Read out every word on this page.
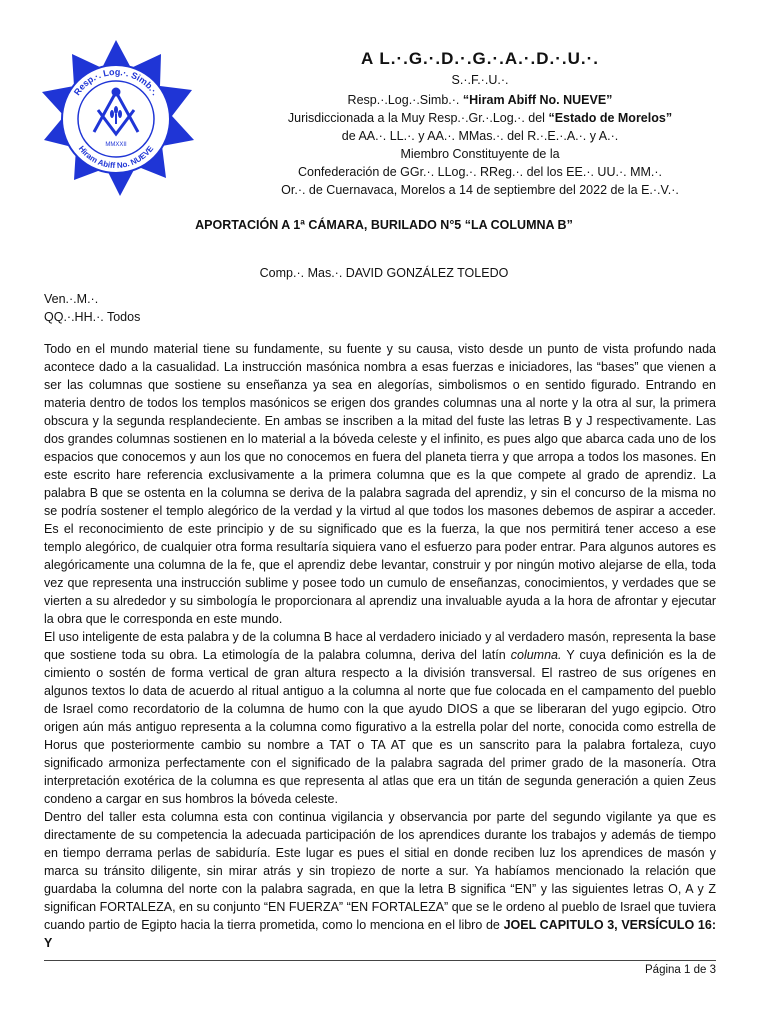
Resp.·. Log.·. Simb.·.
Hiram Abiff No. NUEVE
MMXXII
A L.·.G.·.D.·.G.·.A.·.D.·.U.·.
S.·.F.·.U.·.
Resp.·.Log.·.Simb.·. “Hiram Abiff No. NUEVE”
Jurisdiccionada a la Muy Resp.·.Gr.·.Log.·. del “Estado de Morelos”
de AA.·. LL.·. y AA.·. MMas.·. del R.·.E.·.A.·. y A.·.
Miembro Constituyente de la
Confederación de GGr.·. LLog.·. RReg.·. del los EE.·. UU.·. MM.·.
Or.·. de Cuernavaca, Morelos a 14 de septiembre del 2022 de la E.·.V.·.
APORTACIÓN A 1ª CÁMARA, BURILADO N°5 “LA COLUMNA B”
Comp.·. Mas.·. DAVID GONZÁLEZ TOLEDO
Ven.·.M.·.
QQ.·.HH.·. Todos

Todo en el mundo material tiene su fundamente, su fuente y su causa, visto desde un punto de vista profundo nada acontece dado a la casualidad. La instrucción masónica nombra a esas fuerzas e iniciadores, las “bases” que vienen a ser las columnas que sostiene su enseñanza ya sea en alegorías, simbolismos o en sentido figurado. Entrando en materia dentro de todos los templos masónicos se erigen dos grandes columnas una al norte y la otra al sur, la primera obscura y la segunda resplandeciente. En ambas se inscriben a la mitad del fuste las letras B y J respectivamente. Las dos grandes columnas sostienen en lo material a la bóveda celeste y el infinito, es pues algo que abarca cada uno de los espacios que conocemos y aun los que no conocemos en fuera del planeta tierra y que arropa a todos los masones. En este escrito hare referencia exclusivamente a la primera columna que es la que compete al grado de aprendiz. La palabra B que se ostenta en la columna se deriva de la palabra sagrada del aprendiz, y sin el concurso de la misma no se podría sostener el templo alegórico de la verdad y la virtud al que todos los masones debemos de aspirar a acceder. Es el reconocimiento de este principio y de su significado que es la fuerza, la que nos permitirá tener acceso a ese templo alegórico, de cualquier otra forma resultaría siquiera vano el esfuerzo para poder entrar. Para algunos autores es alegóricamente una columna de la fe, que el aprendiz debe levantar, construir y por ningún motivo alejarse de ella, toda vez que representa una instrucción sublime y posee todo un cumulo de enseñanzas, conocimientos, y verdades que se vierten a su alrededor y su simbología le proporcionara al aprendiz una invaluable ayuda a la hora de afrontar y ejecutar la obra que le corresponda en este mundo.

El uso inteligente de esta palabra y de la columna B hace al verdadero iniciado y al verdadero masón, representa la base que sostiene toda su obra. La etimología de la palabra columna, deriva del latín columna. Y cuya definición es la de cimiento o sostén de forma vertical de gran altura respecto a la división transversal. El rastreo de sus orígenes en algunos textos lo data de acuerdo al ritual antiguo a la columna al norte que fue colocada en el campamento del pueblo de Israel como recordatorio de la columna de humo con la que ayudo DIOS a que se liberaran del yugo egipcio. Otro origen aún más antiguo representa a la columna como figurativo a la estrella polar del norte, conocida como estrella de Horus que posteriormente cambio su nombre a TAT o TA AT que es un sanscrito para la palabra fortaleza, cuyo significado armoniza perfectamente con el significado de la palabra sagrada del primer grado de la masonería. Otra interpretación exotérica de la columna es que representa al atlas que era un titán de segunda generación a quien Zeus condeno a cargar en sus hombros la bóveda celeste.

Dentro del taller esta columna esta con continua vigilancia y observancia por parte del segundo vigilante ya que es directamente de su competencia la adecuada participación de los aprendices durante los trabajos y además de tiempo en tiempo derrama perlas de sabiduría. Este lugar es pues el sitial en donde reciben luz los aprendices de masón y marca su tránsito diligente, sin mirar atrás y sin tropiezo de norte a sur. Ya habíamos mencionado la relación que guardaba la columna del norte con la palabra sagrada, en que la letra B significa “EN” y las siguientes letras O, A y Z significan FORTALEZA, en su conjunto “EN FUERZA” “EN FORTALEZA” que se le ordeno al pueblo de Israel que tuviera cuando partio de Egipto hacia la tierra prometida, como lo menciona en el libro de JOEL CAPITULO 3, VERSÍCULO 16: Y

Página 1 de 3
